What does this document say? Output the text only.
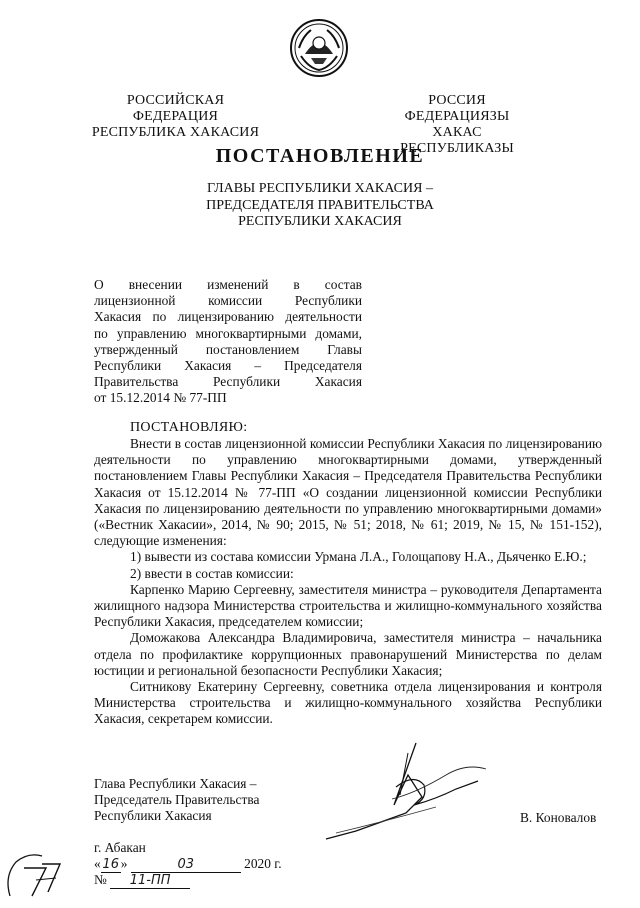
РОССИЙСКАЯ ФЕДЕРАЦИЯ
РЕСПУБЛИКА ХАКАСИЯ
РОССИЯ ФЕДЕРАЦИЯЗЫ
ХАКАС РЕСПУБЛИКАЗЫ
ПОСТАНОВЛЕНИЕ
ГЛАВЫ РЕСПУБЛИКИ ХАКАСИЯ –
ПРЕДСЕДАТЕЛЯ ПРАВИТЕЛЬСТВА
РЕСПУБЛИКИ ХАКАСИЯ
О внесении изменений в состав
лицензионной комиссии Республики
Хакасия по лицензированию деятельности
по управлению многоквартирными домами,
утвержденный постановлением Главы
Республики Хакасия – Председателя
Правительства Республики Хакасия
от 15.12.2014 № 77-ПП
ПОСТАНОВЛЯЮ:

Внести в состав лицензионной комиссии Республики Хакасия по лицензированию деятельности по управлению многоквартирными домами, утвержденный постановлением Главы Республики Хакасия – Председателя Правительства Республики Хакасия от 15.12.2014 № 77-ПП «О создании лицензионной комиссии Республики Хакасия по лицензированию деятельности по управлению многоквартирными домами» («Вестник Хакасии», 2014, № 90; 2015, № 51; 2018, № 61; 2019, № 15, № 151-152), следующие изменения:

1) вывести из состава комиссии Урмана Л.А., Голощапову Н.А., Дьяченко Е.Ю.;

2) ввести в состав комиссии:

Карпенко Марию Сергеевну, заместителя министра – руководителя Департамента жилищного надзора Министерства строительства и жилищно-коммунального хозяйства Республики Хакасия, председателем комиссии;

Доможакова Александра Владимировича, заместителя министра – начальника отдела по профилактике коррупционных правонарушений Министерства по делам юстиции и региональной безопасности Республики Хакасия;

Ситникову Екатерину Сергеевну, советника отдела лицензирования и контроля Министерства строительства и жилищно-коммунального хозяйства Республики Хакасия, секретарем комиссии.

Глава Республики Хакасия –
Председатель Правительства
Республики Хакасия	В. Коновалов
г. Абакан
« 16 »	03	2020 г.
№ 11-ПП
